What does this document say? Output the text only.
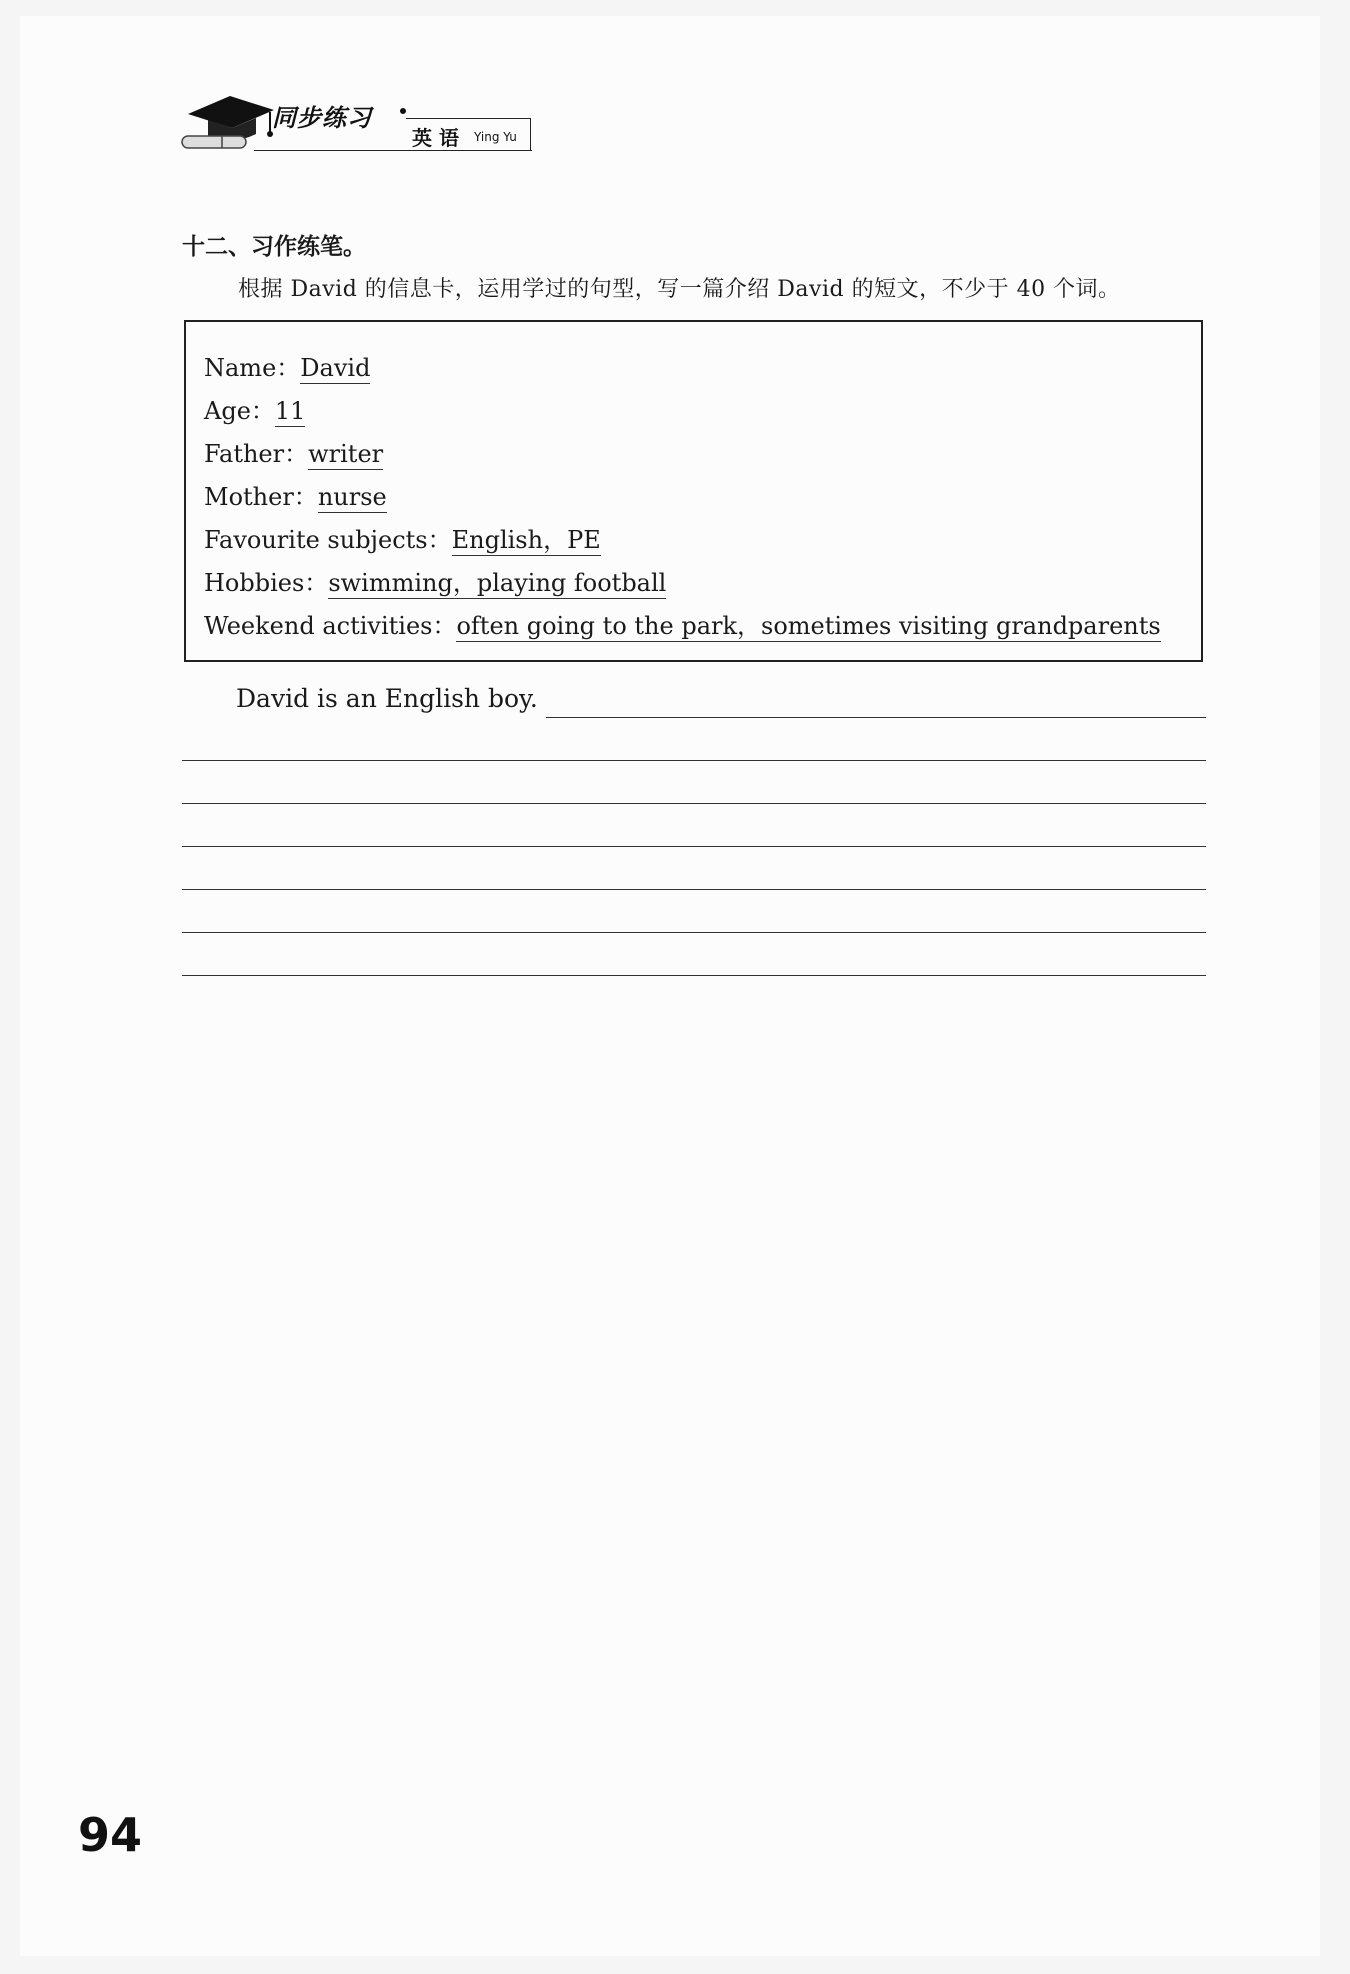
同步练习
英 语 Ying Yu
十二、习作练笔。
根据 David 的信息卡，运用学过的句型，写一篇介绍 David 的短文，不少于 40 个词。
Name：David
Age：11
Father：writer
Mother：nurse
Favourite subjects：English，PE
Hobbies：swimming，playing football
Weekend activities：often going to the park，sometimes visiting grandparents
David is an English boy.
94
